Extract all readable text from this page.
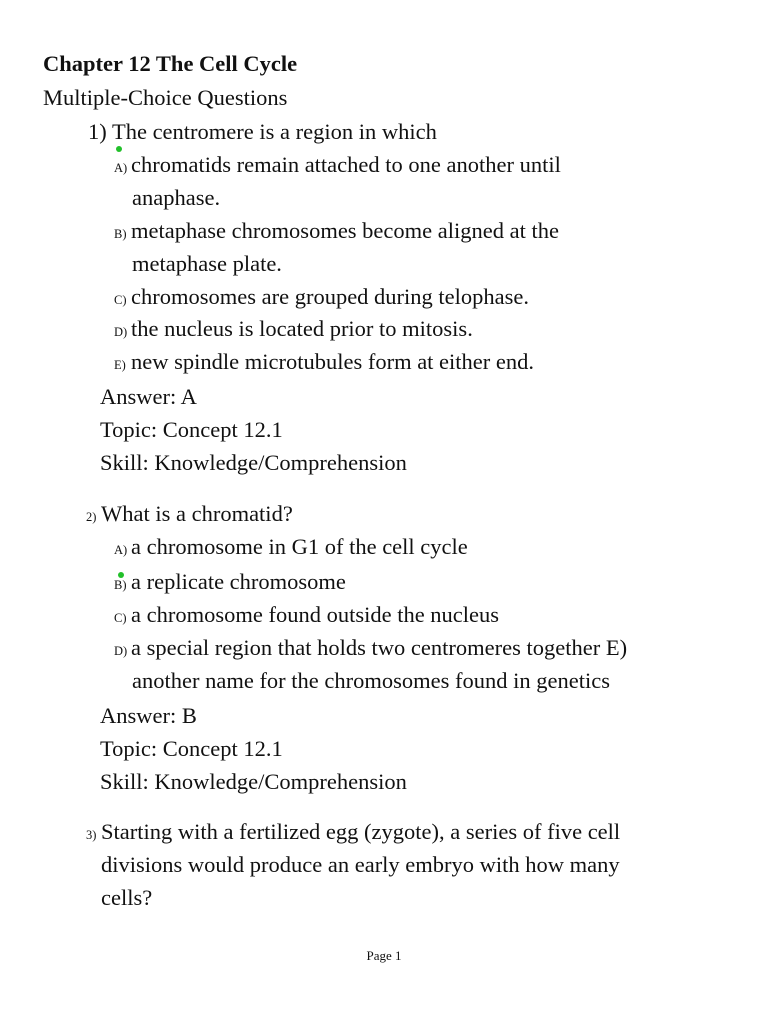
Chapter 12 The Cell Cycle
Multiple-Choice Questions
1) The centromere is a region in which
A) chromatids remain attached to one another until
anaphase.
B) metaphase chromosomes become aligned at the
metaphase plate.
C) chromosomes are grouped during telophase.
D) the nucleus is located prior to mitosis.
E) new spindle microtubules form at either end.
Answer: A
Topic: Concept 12.1
Skill: Knowledge/Comprehension
2) What is a chromatid?
A) a chromosome in G1 of the cell cycle
B) a replicate chromosome
C) a chromosome found outside the nucleus
D) a special region that holds two centromeres together E)
another name for the chromosomes found in genetics
Answer: B
Topic: Concept 12.1
Skill: Knowledge/Comprehension
3) Starting with a fertilized egg (zygote), a series of five cell
divisions would produce an early embryo with how many
cells?
Page 1
